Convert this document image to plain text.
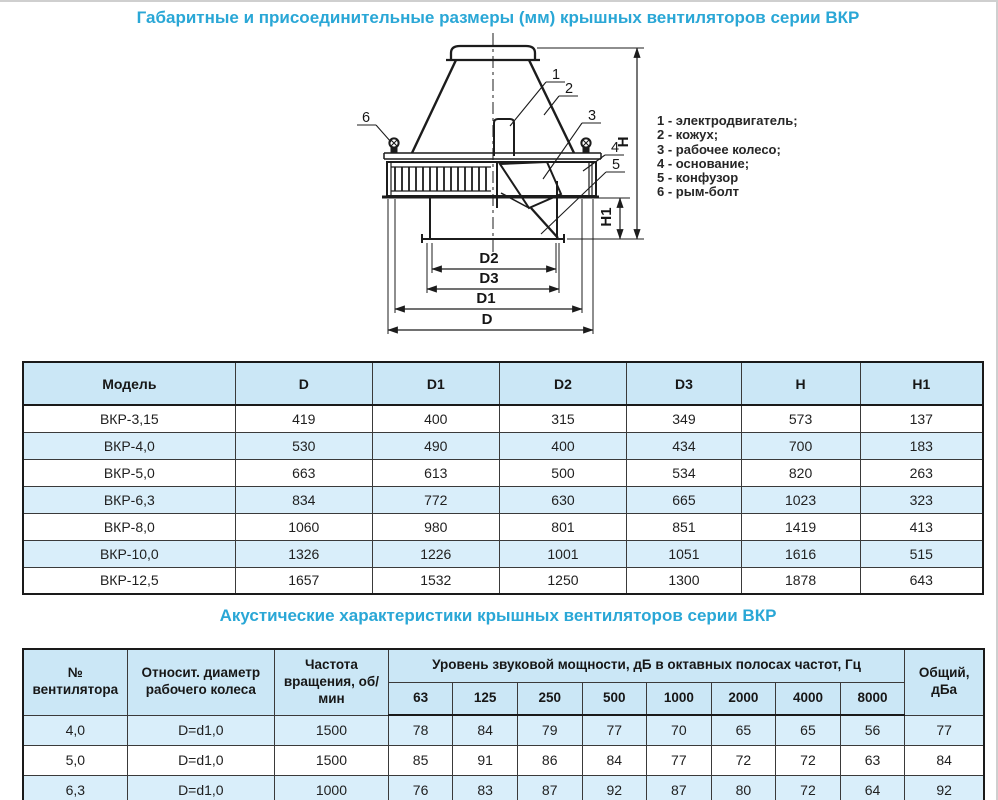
Габаритные и присоединительные размеры (мм) крышных вентиляторов серии ВКР
D2
D3
D1
D
H
H1
1
2
3
4
5
6	1 - электродвигатель;
2 - кожух;
3 - рабочее колесо;
4 - основание;
5 - конфузор
6 - рым-болт
Модель	D	D1	D2	D3	H	H1
ВКР-3,15	419	400	315	349	573	137
ВКР-4,0	530	490	400	434	700	183
ВКР-5,0	663	613	500	534	820	263
ВКР-6,3	834	772	630	665	1023	323
ВКР-8,0	1060	980	801	851	1419	413
ВКР-10,0	1326	1226	1001	1051	1616	515
ВКР-12,5	1657	1532	1250	1300	1878	643
Акустические характеристики крышных вентиляторов серии ВКР
№ вентилятора	Относит. диаметр рабочего колеса	Частота вращения, об/мин	Уровень звуковой мощности, дБ в октавных полосах частот, Гц								Общий, дБа
			63	125	250	500	1000	2000	4000	8000	
4,0	D=d1,0	1500	78	84	79	77	70	65	65	56	77
5,0	D=d1,0	1500	85	91	86	84	77	72	72	63	84
6,3	D=d1,0	1000	76	83	87	92	87	80	72	64	92
